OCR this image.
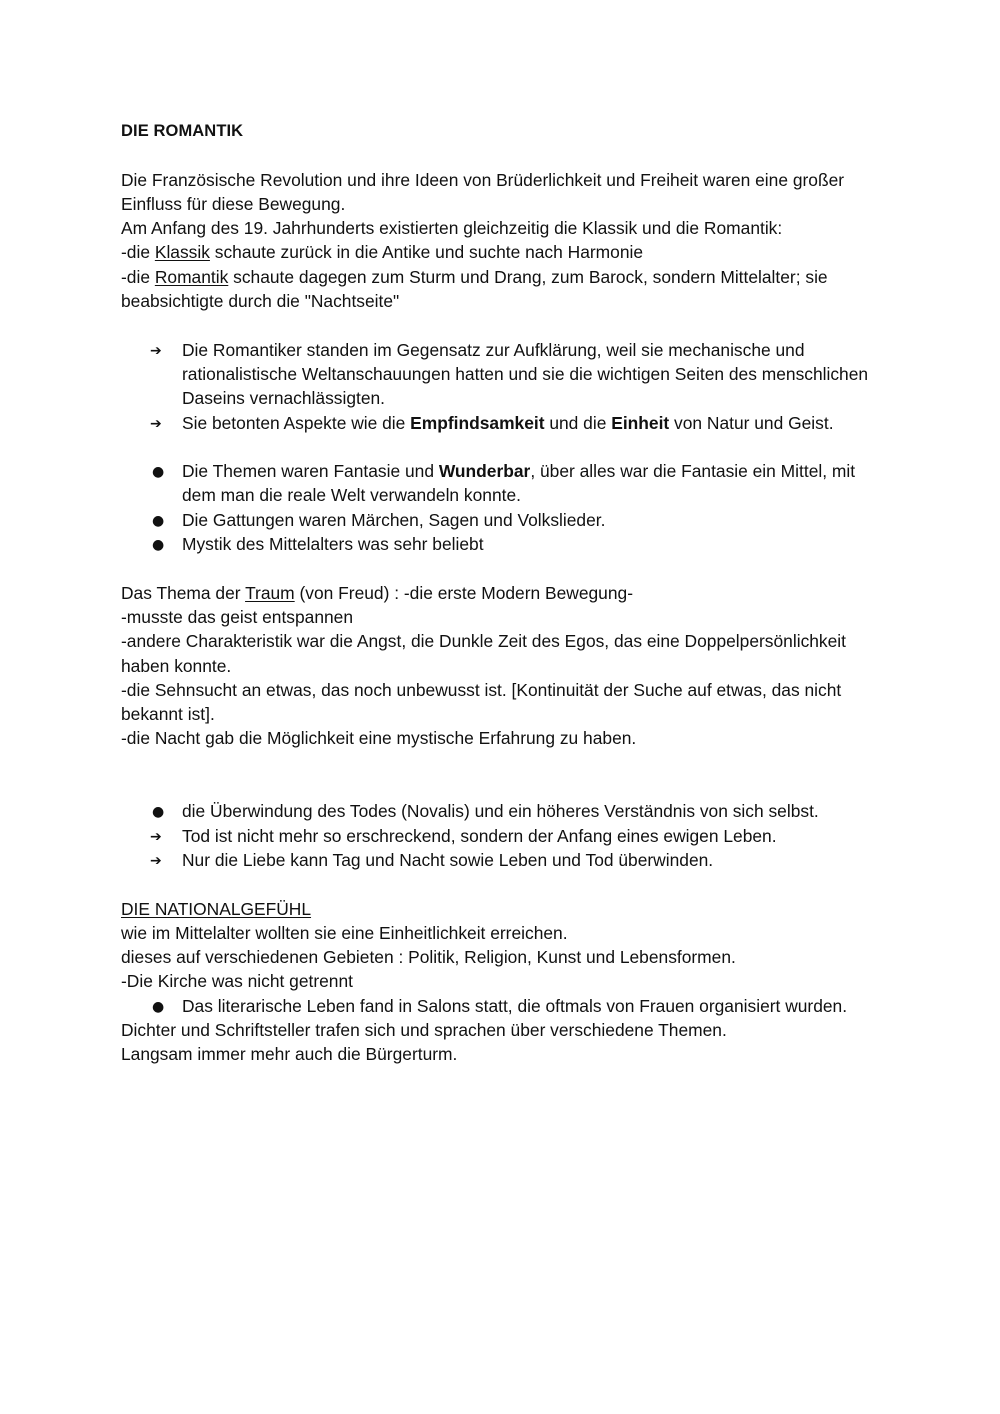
DIE ROMANTIK

Die Französische Revolution und ihre Ideen von Brüderlichkeit und Freiheit waren eine großer Einfluss für diese Bewegung.

Am Anfang des 19. Jahrhunderts existierten gleichzeitig die Klassik und die Romantik:

-die Klassik schaute zurück in die Antike und suchte nach Harmonie

-die Romantik schaute dagegen zum Sturm und Drang, zum Barock, sondern Mittelalter; sie beabsichtigte durch die "Nachtseite"

➔	Die Romantiker standen im Gegensatz zur Aufklärung, weil sie mechanische und rationalistische Weltanschauungen hatten und sie die wichtigen Seiten des menschlichen Daseins vernachlässigten.
➔	Sie betonten Aspekte wie die Empfindsamkeit und die Einheit von Natur und Geist.
●	Die Themen waren Fantasie und Wunderbar, über alles war die Fantasie ein Mittel, mit dem man die reale Welt verwandeln konnte.
●	Die Gattungen waren Märchen, Sagen und Volkslieder.
●	Mystik des Mittelalters was sehr beliebt

Das Thema der Traum (von Freud) : -die erste Modern Bewegung-

-musste das geist entspannen

-andere Charakteristik war die Angst, die Dunkle Zeit des Egos, das eine Doppelpersönlichkeit haben konnte.

-die Sehnsucht an etwas, das noch unbewusst ist. [Kontinuität der Suche auf etwas, das nicht bekannt ist].

-die Nacht gab die Möglichkeit eine mystische Erfahrung zu haben.

●	die Überwindung des Todes (Novalis) und ein höheres Verständnis von sich selbst.
➔	Tod ist nicht mehr so erschreckend, sondern der Anfang eines ewigen Leben.
➔	Nur die Liebe kann Tag und Nacht sowie Leben und Tod überwinden.

DIE NATIONALGEFÜHL

wie im Mittelalter wollten sie eine Einheitlichkeit erreichen.

dieses auf verschiedenen Gebieten : Politik, Religion, Kunst und Lebensformen.

-Die Kirche was nicht getrennt

●	Das literarische Leben fand in Salons statt, die oftmals von Frauen organisiert wurden.

Dichter und Schriftsteller trafen sich und sprachen über verschiedene Themen.

Langsam immer mehr auch die Bürgerturm.
